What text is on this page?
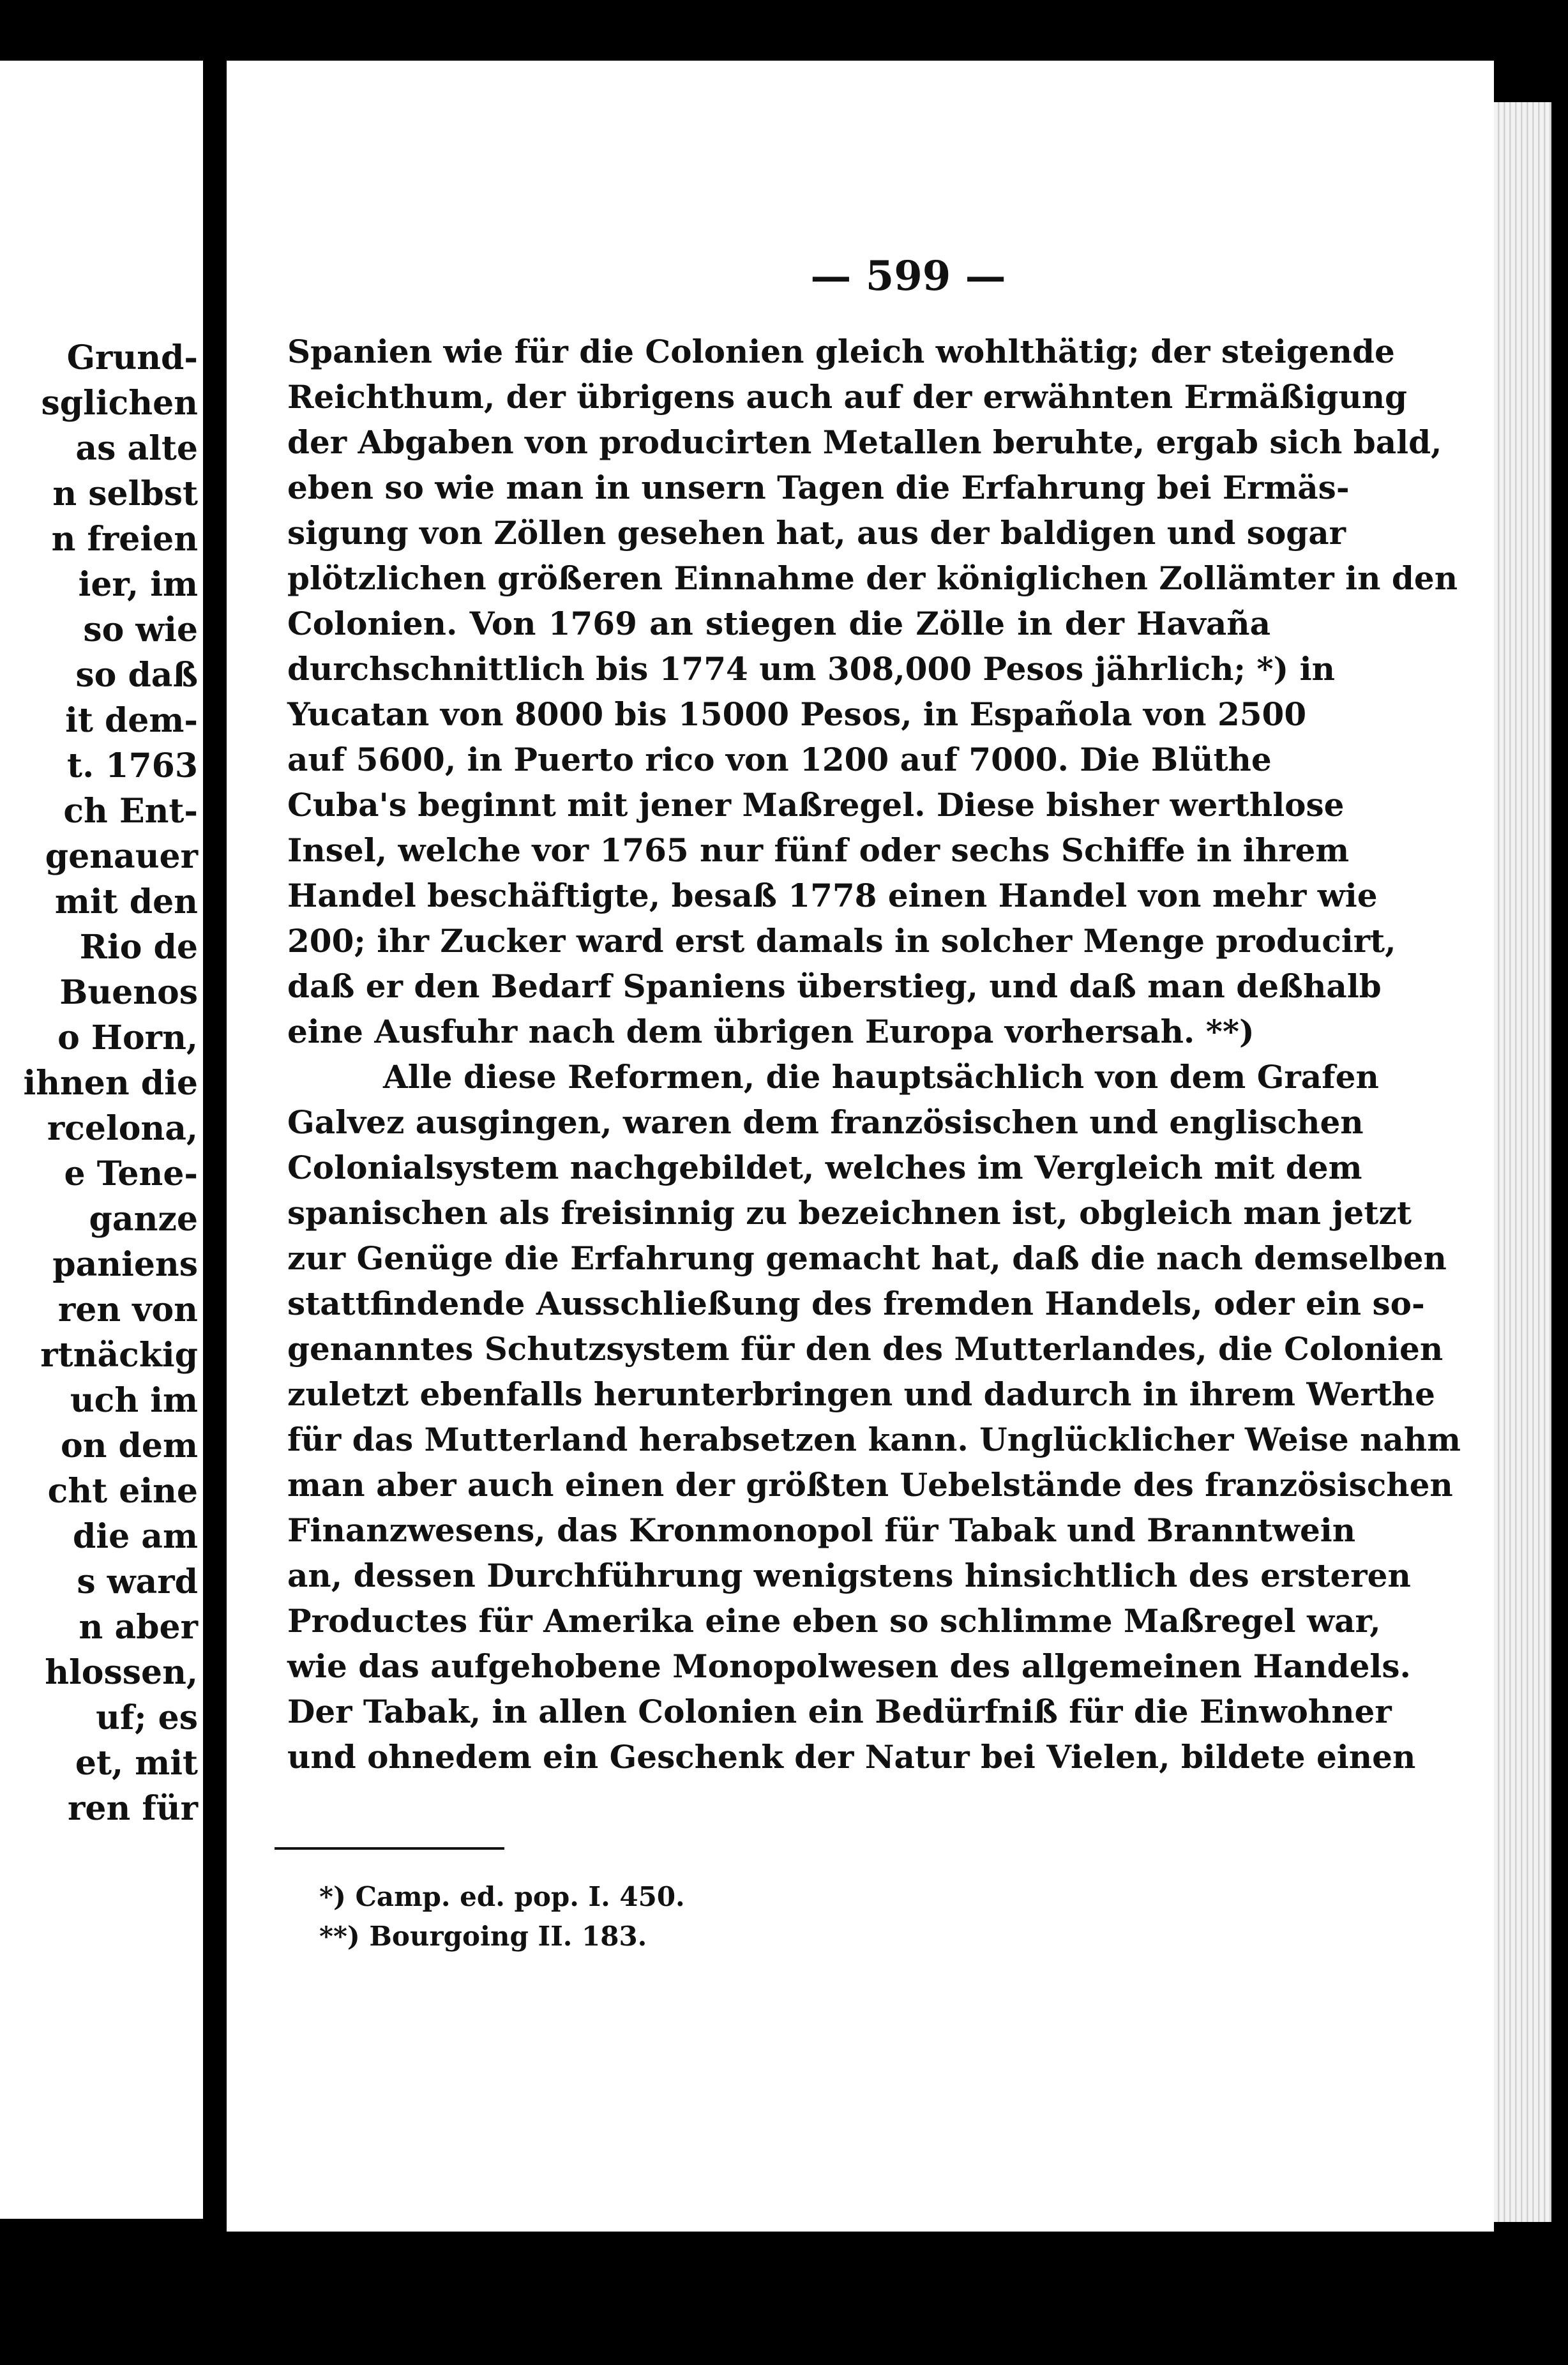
Grund-
sglichen
as alte
n selbst
n freien
ier, im
so wie
so daß
it dem-
t. 1763
ch Ent-
genauer
mit den
Rio de
Buenos
o Horn,
ihnen die
rcelona,
e Tene-
ganze
paniens
ren von
rtnäckig
uch im
on dem
cht eine
die am
s ward
n aber
hlossen,
uf; es
et, mit
ren für
— 599 —
Spanien wie für die Colonien gleich wohlthätig; der steigende
Reichthum, der übrigens auch auf der erwähnten Ermäßigung
der Abgaben von producirten Metallen beruhte, ergab sich bald,
eben so wie man in unsern Tagen die Erfahrung bei Ermäs-
sigung von Zöllen gesehen hat, aus der baldigen und sogar
plötzlichen größeren Einnahme der königlichen Zollämter in den
Colonien. Von 1769 an stiegen die Zölle in der Havaña
durchschnittlich bis 1774 um 308,000 Pesos jährlich; *) in
Yucatan von 8000 bis 15000 Pesos, in Española von 2500
auf 5600, in Puerto rico von 1200 auf 7000. Die Blüthe
Cuba's beginnt mit jener Maßregel. Diese bisher werthlose
Insel, welche vor 1765 nur fünf oder sechs Schiffe in ihrem
Handel beschäftigte, besaß 1778 einen Handel von mehr wie
200; ihr Zucker ward erst damals in solcher Menge producirt,
daß er den Bedarf Spaniens überstieg, und daß man deßhalb
eine Ausfuhr nach dem übrigen Europa vorhersah. **)
Alle diese Reformen, die hauptsächlich von dem Grafen
Galvez ausgingen, waren dem französischen und englischen
Colonialsystem nachgebildet, welches im Vergleich mit dem
spanischen als freisinnig zu bezeichnen ist, obgleich man jetzt
zur Genüge die Erfahrung gemacht hat, daß die nach demselben
stattfindende Ausschließung des fremden Handels, oder ein so-
genanntes Schutzsystem für den des Mutterlandes, die Colonien
zuletzt ebenfalls herunterbringen und dadurch in ihrem Werthe
für das Mutterland herabsetzen kann. Unglücklicher Weise nahm
man aber auch einen der größten Uebelstände des französischen
Finanzwesens, das Kronmonopol für Tabak und Branntwein
an, dessen Durchführung wenigstens hinsichtlich des ersteren
Productes für Amerika eine eben so schlimme Maßregel war,
wie das aufgehobene Monopolwesen des allgemeinen Handels.
Der Tabak, in allen Colonien ein Bedürfniß für die Einwohner
und ohnedem ein Geschenk der Natur bei Vielen, bildete einen
*) Camp. ed. pop. I. 450.
**) Bourgoing II. 183.
